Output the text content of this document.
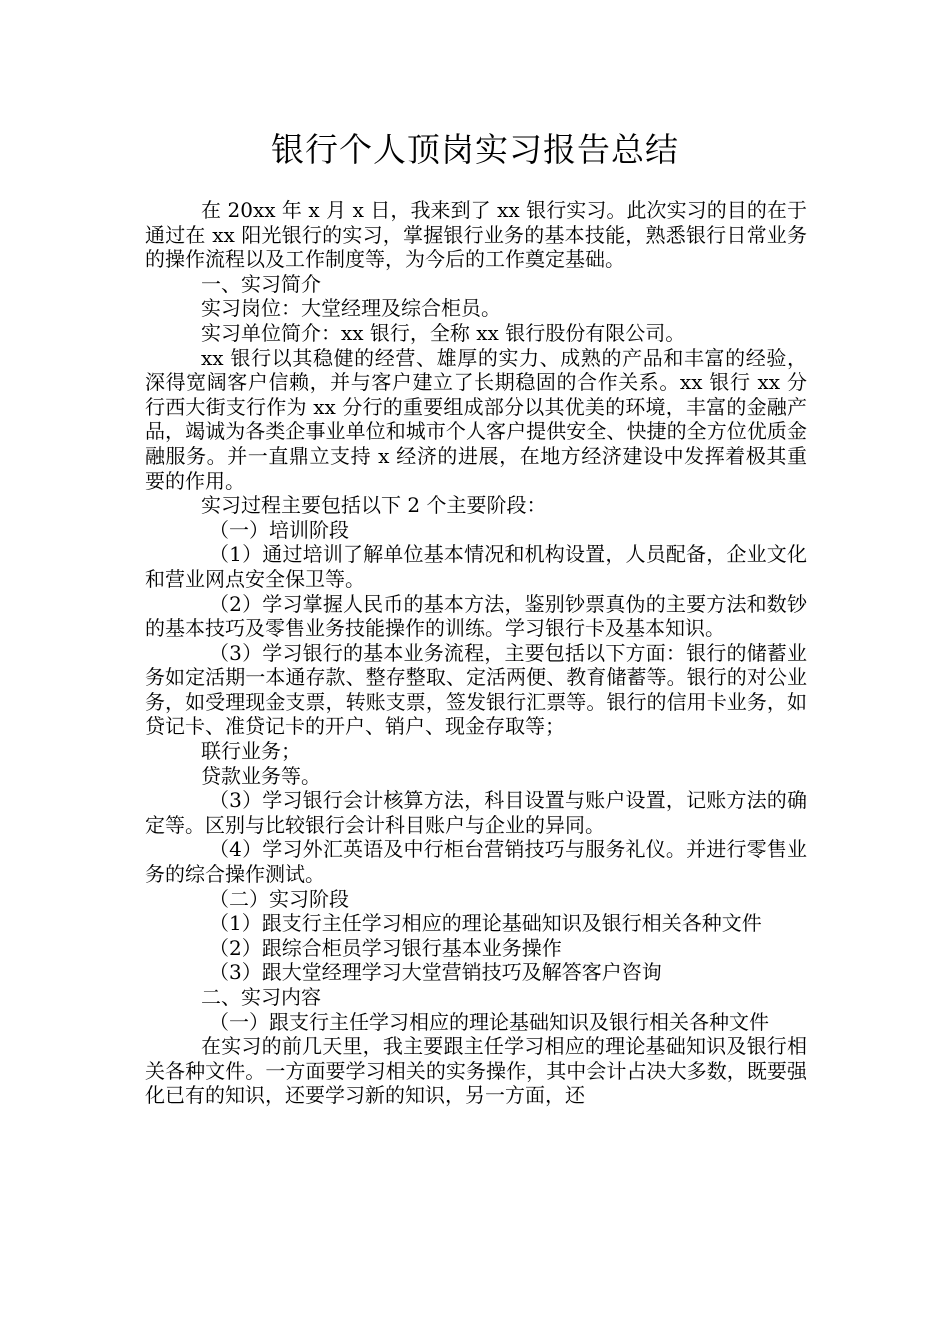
银行个人顶岗实习报告总结

在 20xx 年 x 月 x 日，我来到了 xx 银行实习。此次实习的目的在于通过在 xx 阳光银行的实习，掌握银行业务的基本技能，熟悉银行日常业务的操作流程以及工作制度等，为今后的工作奠定基础。

一、实习简介

实习岗位：大堂经理及综合柜员。

实习单位简介：xx 银行，全称 xx 银行股份有限公司。

xx 银行以其稳健的经营、雄厚的实力、成熟的产品和丰富的经验，深得宽阔客户信赖，并与客户建立了长期稳固的合作关系。xx 银行 xx 分行西大街支行作为 xx 分行的重要组成部分以其优美的环境，丰富的金融产品，竭诚为各类企事业单位和城市个人客户提供安全、快捷的全方位优质金融服务。并一直鼎立支持 x 经济的进展，在地方经济建设中发挥着极其重要的作用。

实习过程主要包括以下 2 个主要阶段：

（一）培训阶段

（1）通过培训了解单位基本情况和机构设置，人员配备，企业文化和营业网点安全保卫等。

（2）学习掌握人民币的基本方法，鉴别钞票真伪的主要方法和数钞的基本技巧及零售业务技能操作的训练。学习银行卡及基本知识。

（3）学习银行的基本业务流程，主要包括以下方面：银行的储蓄业务如定活期一本通存款、整存整取、定活两便、教育储蓄等。银行的对公业务，如受理现金支票，转账支票，签发银行汇票等。银行的信用卡业务，如贷记卡、准贷记卡的开户、销户、现金存取等；

联行业务；

贷款业务等。

（3）学习银行会计核算方法，科目设置与账户设置，记账方法的确定等。区别与比较银行会计科目账户与企业的异同。

（4）学习外汇英语及中行柜台营销技巧与服务礼仪。并进行零售业务的综合操作测试。

（二）实习阶段

（1）跟支行主任学习相应的理论基础知识及银行相关各种文件

（2）跟综合柜员学习银行基本业务操作

（3）跟大堂经理学习大堂营销技巧及解答客户咨询

二、实习内容

（一）跟支行主任学习相应的理论基础知识及银行相关各种文件

在实习的前几天里，我主要跟主任学习相应的理论基础知识及银行相关各种文件。一方面要学习相关的实务操作，其中会计占决大多数，既要强化已有的知识，还要学习新的知识，另一方面，还
